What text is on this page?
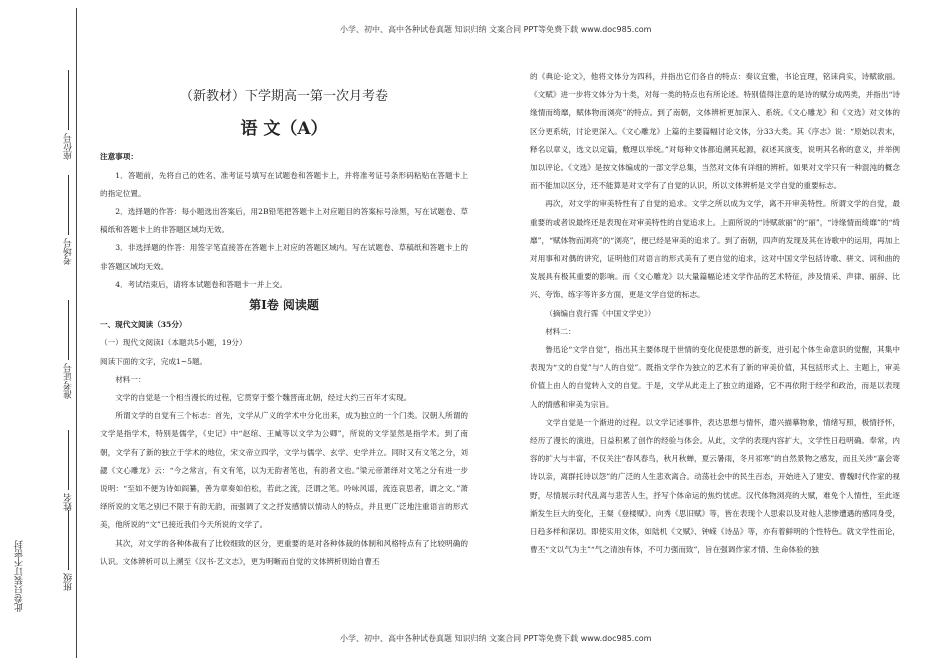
小学、初中、高中各种试卷真题 知识归纳 文案合同 PPT等免费下载 www.doc985.com
小学、初中、高中各种试卷真题 知识归纳 文案合同 PPT等免费下载 www.doc985.com
座位号
考场号
准考证号
姓名
班级
此卷只装订不密封
（新教材）下学期高一第一次月考卷
语 文（A）

注意事项：

1．答题前，先将自己的姓名、准考证号填写在试题卷和答题卡上，并将准考证号条形码粘贴在答题卡上的指定位置。

2．选择题的作答：每小题选出答案后，用2B铅笔把答题卡上对应题目的答案标号涂黑，写在试题卷、草稿纸和答题卡上的非答题区域均无效。

3．非选择题的作答：用签字笔直接答在答题卡上对应的答题区域内。写在试题卷、草稿纸和答题卡上的非答题区域均无效。

4．考试结束后，请将本试题卷和答题卡一并上交。

第Ⅰ卷 阅读题

一、现代文阅读（35分）

（一）现代文阅读Ⅰ（本题共5小题，19分）

阅读下面的文字，完成1~5题。

材料一：

文学的自觉是一个相当漫长的过程，它贯穿于整个魏晋南北朝，经过大约三百年才实现。

所谓文学的自觉有三个标志：首先，文学从广义的学术中分化出来，成为独立的一个门类。汉朝人所谓的文学是指学术，特别是儒学，《史记》中“赵绾、王臧等以文学为公卿”，所说的文学显然是指学术。到了南朝，文学有了新的独立于学术的地位，宋文帝立四学，文学与儒学、玄学、史学并立。同时又有文笔之分，刘勰《文心雕龙》云：“今之常言，有文有笔，以为无韵者笔也，有韵者文也。”梁元帝萧绎对文笔之分有进一步说明：“至如不便为诗如阎纂，善为章奏如伯松，若此之流，泛谓之笔。吟咏风谣，流连哀思者，谓之文。”萧绎所说的文笔之别已不限于有韵无韵，而强调了文之抒发感情以情动人的特点，并且更广泛地注重语言的形式美，他所说的“文”已接近我们今天所说的文学了。

其次，对文学的各种体裁有了比较细致的区分，更重要的是对各种体裁的体制和风格特点有了比较明确的认识。文体辨析可以上溯至《汉书·艺文志》，更为明晰而自觉的文体辨析则始自曹丕

的《典论·论文》，他将文体分为四科，并指出它们各自的特点：奏议宜雅，书论宜理，铭诔尚实，诗赋欲丽。《文赋》进一步将文体分为十类，对每一类的特点也有所论述。特别值得注意的是诗的赋分成两类，并指出“诗缘情而绮靡，赋体物而浏亮”的特点。到了南朝，文体辨析更加深入、系统。《文心雕龙》和《文选》对文体的区分更系统，讨论更深入。《文心雕龙》上篇的主要篇幅讨论文体，分33大类。其《序志》说：“原始以表末，释名以章义，选文以定篇，敷理以举统。”对每种文体都追溯其起源，叙述其演变，说明其名称的意义，并举例加以评论。《文选》是按文体编成的一部文学总集，当然对文体有详细的辨析。如果对文学只有一种混沌的概念而不能加以区分，还不能算是对文学有了自觉的认识，所以文体辨析是文学自觉的重要标志。

再次，对文学的审美特性有了自觉的追求。文学之所以成为文学，离不开审美特性。所谓文学的自觉，最重要的或者说最终还是表现在对审美特性的自觉追求上。上面所说的“诗赋欲丽”的“丽”，“诗缘情而绮靡”的“绮靡”，“赋体物而浏亮”的“浏亮”，便已经是审美的追求了。到了南朝，四声的发现及其在诗歌中的运用，再加上对用事和对偶的讲究，证明他们对语言的形式美有了更自觉的追求，这对中国文学包括诗歌、骈文、词和曲的发展具有极其重要的影响。而《文心雕龙》以大量篇幅论述文学作品的艺术特征，涉及情采、声律、丽辞、比兴、夸饰、练字等许多方面，更是文学自觉的标志。

（摘编自袁行霈《中国文学史》）

材料二：

鲁迅论“文学自觉”，指出其主要体现于世情的变化促使思想的新变，进引起个体生命意识的觉醒，其集中表现为“文的自觉”与“人的自觉”。既指文学作为独立的艺术有了新的审美价值，其包括形式上、主题上，审美价值上由人的自觉转入文的自觉。于是，文学从此走上了独立的道路，它不再依附于经学和政治，而是以表现人的情感和审美为宗旨。

文学自觉是一个渐进的过程。以文学记述事件，表达思想与情怀，遣兴描摹物象，情绪写照，极情抒怀，经历了漫长的演进，日益积累了创作的经验与体会。从此，文学的表现内容扩大，文学性日趋明确。奉常，内容的扩大与丰富，不仅关注“春风春鸟，秋月秋蝉，夏云暑雨，冬月祁寒”的自然景物之感发，而且关涉“嘉会寄诗以亲，离群托诗以怨”的广泛的人生悲欢离合。动荡社会中的民生百态，开始进入了建安、曹魏时代作家的视野，尽情展示时代乱离与悲苦人生，抒写个体命运的焦灼忧虑。汉代体物浏亮的大赋，难免个人情性，至此逐渐发生巨大的变化，王粲《登楼赋》、向秀《思旧赋》等，皆在表现个人思索以及对他人悲惨遭遇的感同身受，日趋多样和深切。即使实用文体，如陆机《文赋》、钟嵘《诗品》等，亦有着鲜明的个性特色。就文学性而论，曹丕“文以气为主”“气之清浊有体，不可力强而致”，旨在强调作家才情、生命体验的独
